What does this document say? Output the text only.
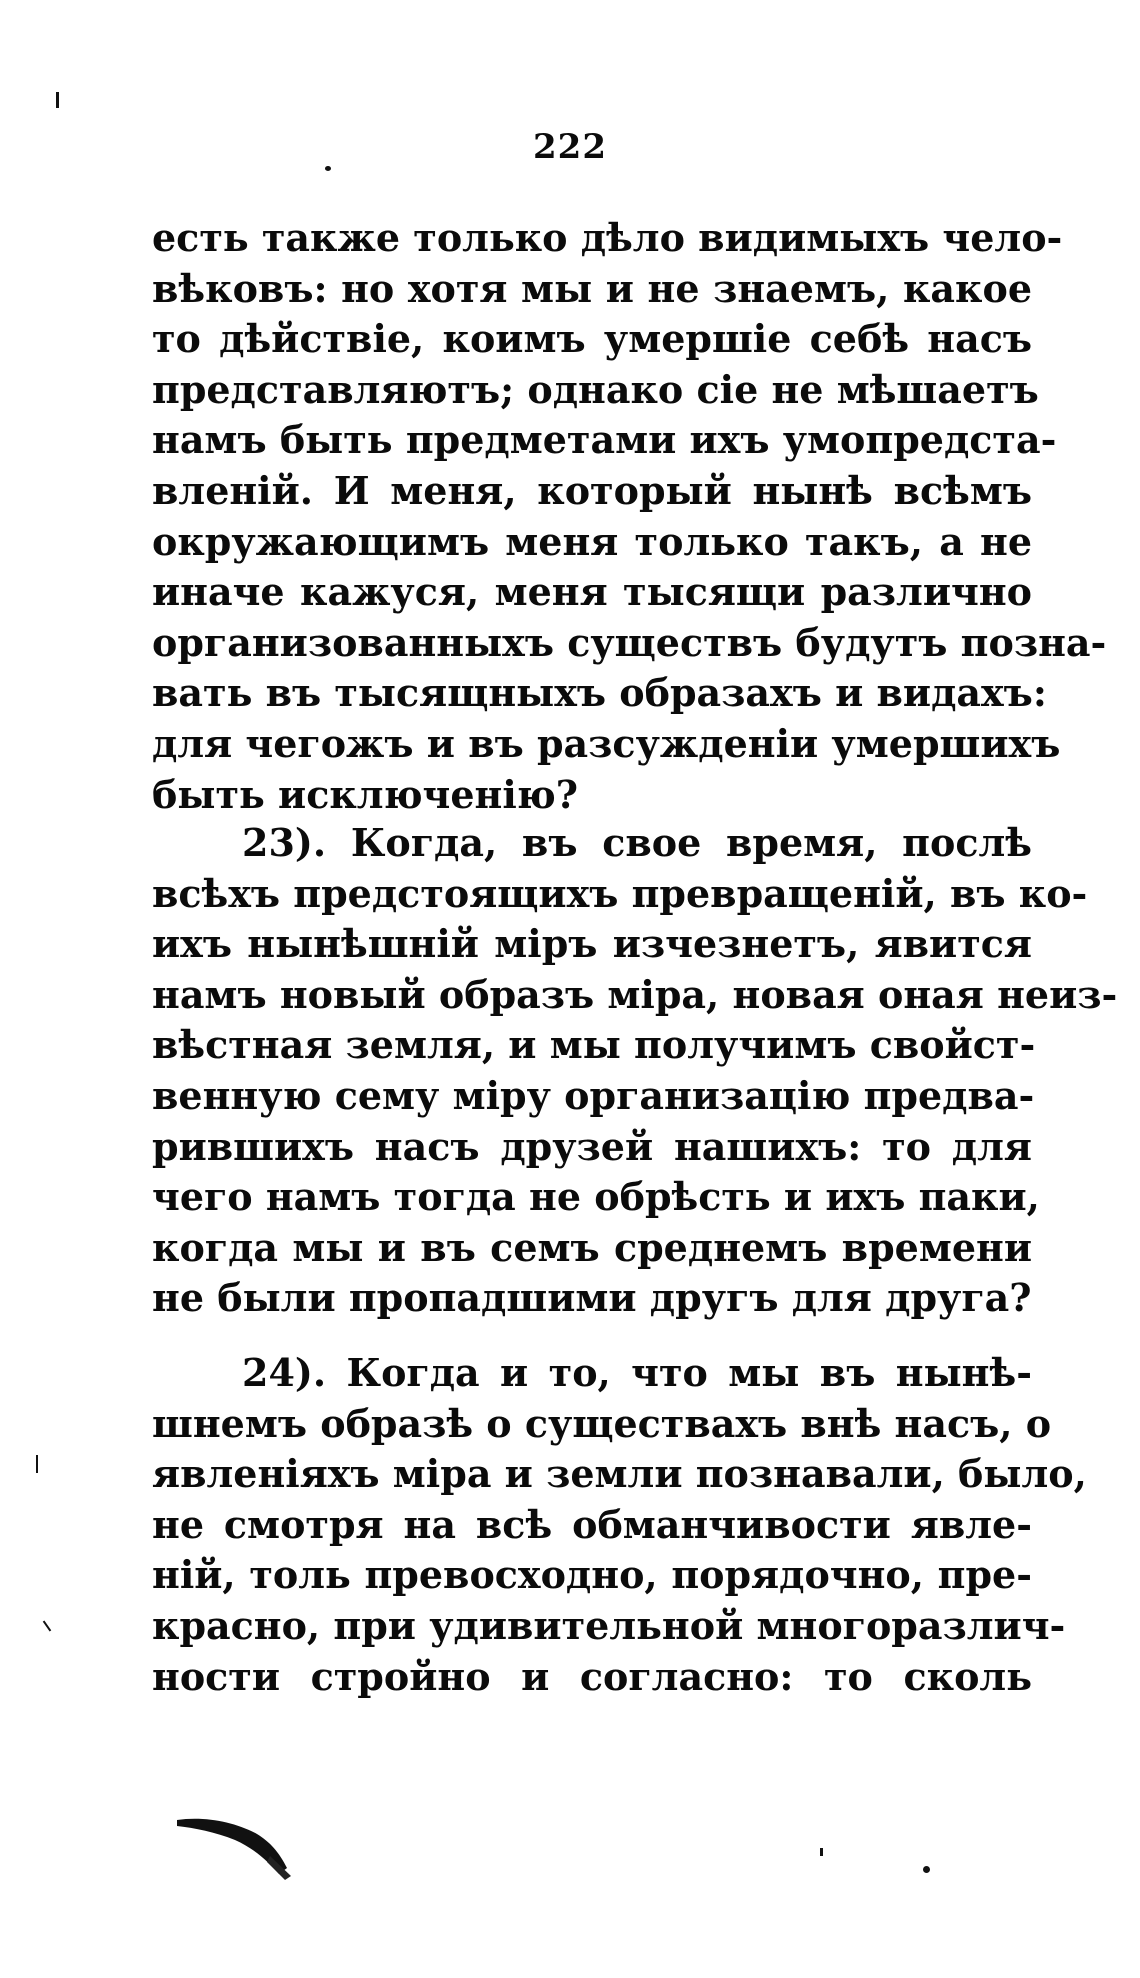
222
есть также только дѣло видимыхъ чело-
вѣковъ: но хотя мы и не знаемъ, какое
то дѣйствіе, коимъ умершіе себѣ насъ
представляютъ; однако сіе не мѣшаетъ
намъ быть предметами ихъ умопредста-
вленій. И меня, который нынѣ всѣмъ
окружающимъ меня только такъ, а не
иначе кажуся, меня тысящи различно
организованныхъ существъ будутъ позна-
вать въ тысящныхъ образахъ и видахъ:
для чегожъ и въ разсужденіи умершихъ
быть исключенію?
23). Когда, въ свое время, послѣ
всѣхъ предстоящихъ превращеній, въ ко-
ихъ нынѣшній міръ изчезнетъ, явится
намъ новый образъ міра, новая оная неиз-
вѣстная земля, и мы получимъ свойст-
венную сему міру организацію предва-
рившихъ насъ друзей нашихъ: то для
чего намъ тогда не обрѣсть и ихъ паки,
когда мы и въ семъ среднемъ времени
не были пропадшими другъ для друга?
24). Когда и то, что мы въ нынѣ-
шнемъ образѣ о существахъ внѣ насъ, о
явленіяхъ міра и земли познавали, было,
не смотря на всѣ обманчивости явле-
ній, толь превосходно, порядочно, пре-
красно, при удивительной многоразлич-
ности стройно и согласно: то сколь
